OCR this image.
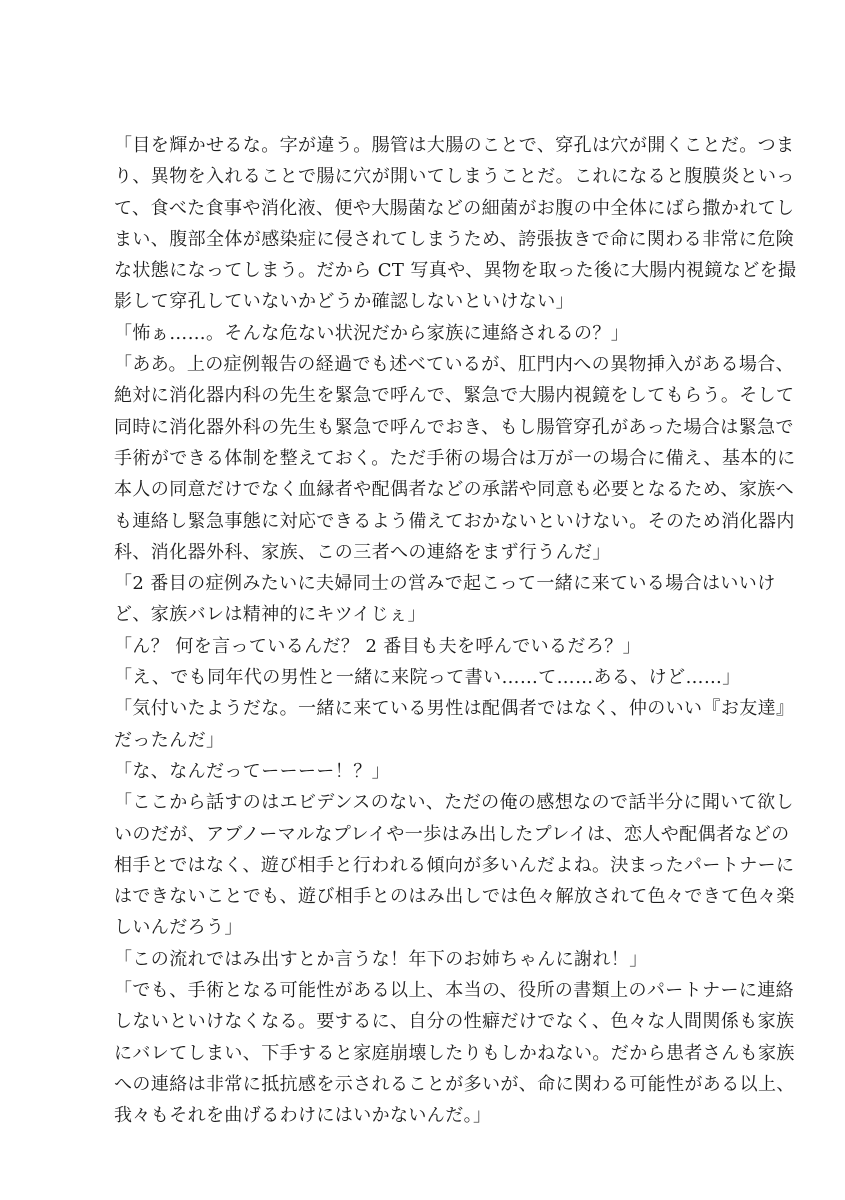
「目を輝かせるな。字が違う。腸管は大腸のことで、穿孔は穴が開くことだ。つま
り、異物を入れることで腸に穴が開いてしまうことだ。これになると腹膜炎といっ
て、食べた食事や消化液、便や大腸菌などの細菌がお腹の中全体にばら撒かれてし
まい、腹部全体が感染症に侵されてしまうため、誇張抜きで命に関わる非常に危険
な状態になってしまう。だから CT 写真や、異物を取った後に大腸内視鏡などを撮
影して穿孔していないかどうか確認しないといけない」
「怖ぁ……。そんな危ない状況だから家族に連絡されるの？」
「ああ。上の症例報告の経過でも述べているが、肛門内への異物挿入がある場合、
絶対に消化器内科の先生を緊急で呼んで、緊急で大腸内視鏡をしてもらう。そして
同時に消化器外科の先生も緊急で呼んでおき、もし腸管穿孔があった場合は緊急で
手術ができる体制を整えておく。ただ手術の場合は万が一の場合に備え、基本的に
本人の同意だけでなく血縁者や配偶者などの承諾や同意も必要となるため、家族へ
も連絡し緊急事態に対応できるよう備えておかないといけない。そのため消化器内
科、消化器外科、家族、この三者への連絡をまず行うんだ」
「2 番目の症例みたいに夫婦同士の営みで起こって一緒に来ている場合はいいけ
ど、家族バレは精神的にキツイじぇ」
「ん？ 何を言っているんだ？ 2 番目も夫を呼んでいるだろ？」
「え、でも同年代の男性と一緒に来院って書い……て……ある、けど……」
「気付いたようだな。一緒に来ている男性は配偶者ではなく、仲のいい『お友達』
だったんだ」
「な、なんだってーーーー！？」
「ここから話すのはエビデンスのない、ただの俺の感想なので話半分に聞いて欲し
いのだが、アブノーマルなプレイや一歩はみ出したプレイは、恋人や配偶者などの
相手とではなく、遊び相手と行われる傾向が多いんだよね。決まったパートナーに
はできないことでも、遊び相手とのはみ出しでは色々解放されて色々できて色々楽
しいんだろう」
「この流れではみ出すとか言うな！年下のお姉ちゃんに謝れ！」
「でも、手術となる可能性がある以上、本当の、役所の書類上のパートナーに連絡
しないといけなくなる。要するに、自分の性癖だけでなく、色々な人間関係も家族
にバレてしまい、下手すると家庭崩壊したりもしかねない。だから患者さんも家族
への連絡は非常に抵抗感を示されることが多いが、命に関わる可能性がある以上、
我々もそれを曲げるわけにはいかないんだ。」
